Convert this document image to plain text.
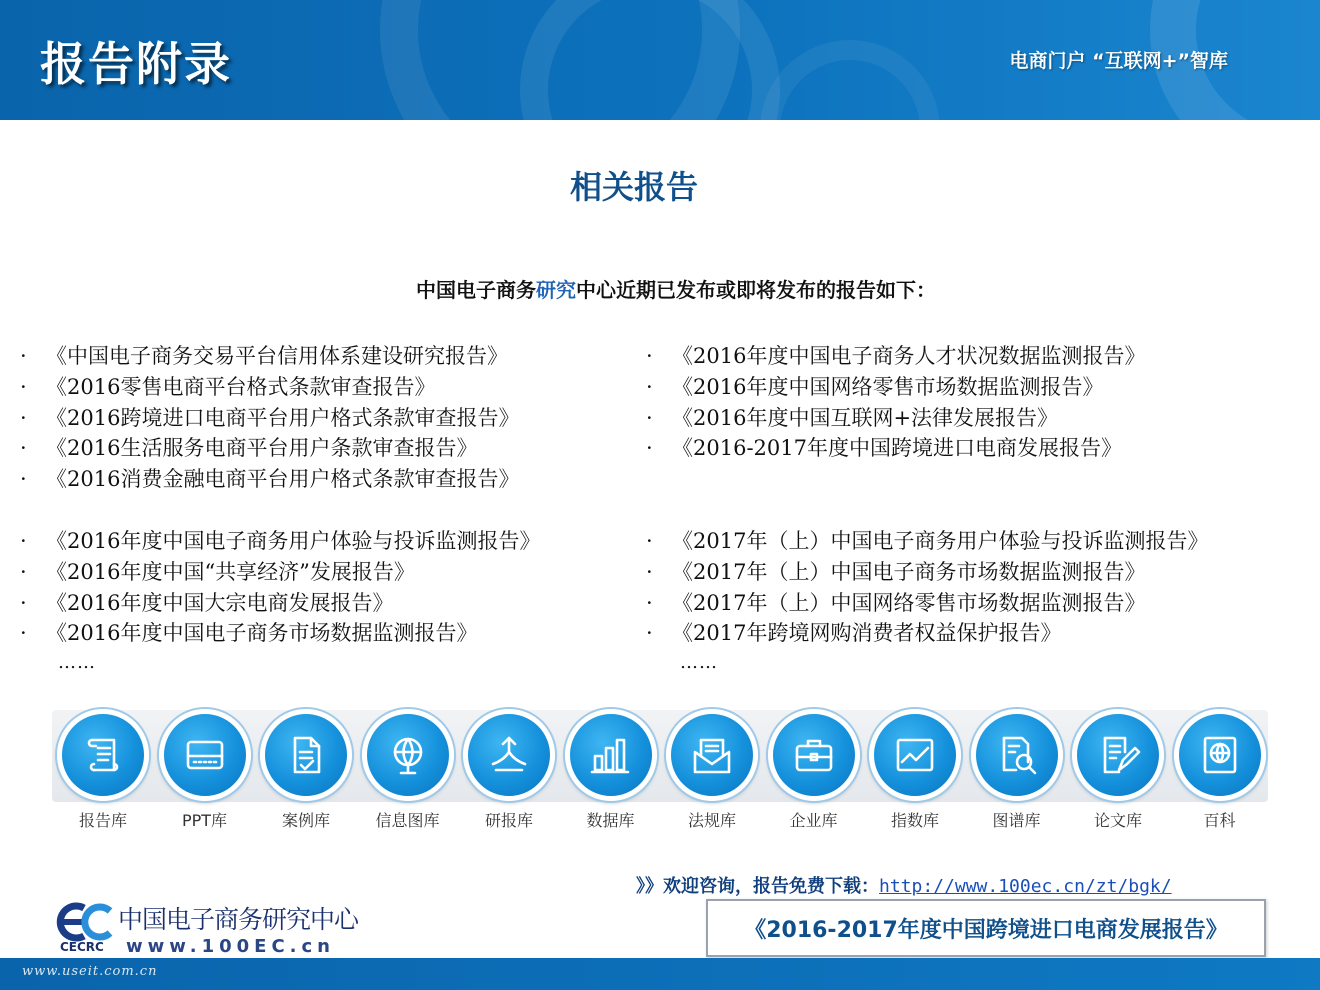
报告附录	电商门户 “互联网+”智库
相关报告
中国电子商务研究中心近期已发布或即将发布的报告如下：
· 《中国电子商务交易平台信用体系建设研究报告》
· 《2016零售电商平台格式条款审查报告》
· 《2016跨境进口电商平台用户格式条款审查报告》
· 《2016生活服务电商平台用户条款审查报告》
· 《2016消费金融电商平台用户格式条款审查报告》
· 《2016年度中国电子商务人才状况数据监测报告》
· 《2016年度中国网络零售市场数据监测报告》
· 《2016年度中国互联网+法律发展报告》
· 《2016-2017年度中国跨境进口电商发展报告》
· 《2016年度中国电子商务用户体验与投诉监测报告》
· 《2016年度中国“共享经济”发展报告》
· 《2016年度中国大宗电商发展报告》
· 《2016年度中国电子商务市场数据监测报告》
· 《2017年（上）中国电子商务用户体验与投诉监测报告》
· 《2017年（上）中国电子商务市场数据监测报告》
· 《2017年（上）中国网络零售市场数据监测报告》
· 《2017年跨境网购消费者权益保护报告》
……	……
报告库	PPT库	案例库	信息图库	研报库	数据库	法规库	企业库	指数库	图谱库	论文库	百科
》》欢迎咨询，报告免费下载：http://www.100ec.cn/zt/bgk/
中国电子商务研究中心
CECRC www.100EC.cn
《2016-2017年度中国跨境进口电商发展报告》
www.useit.com.cn
